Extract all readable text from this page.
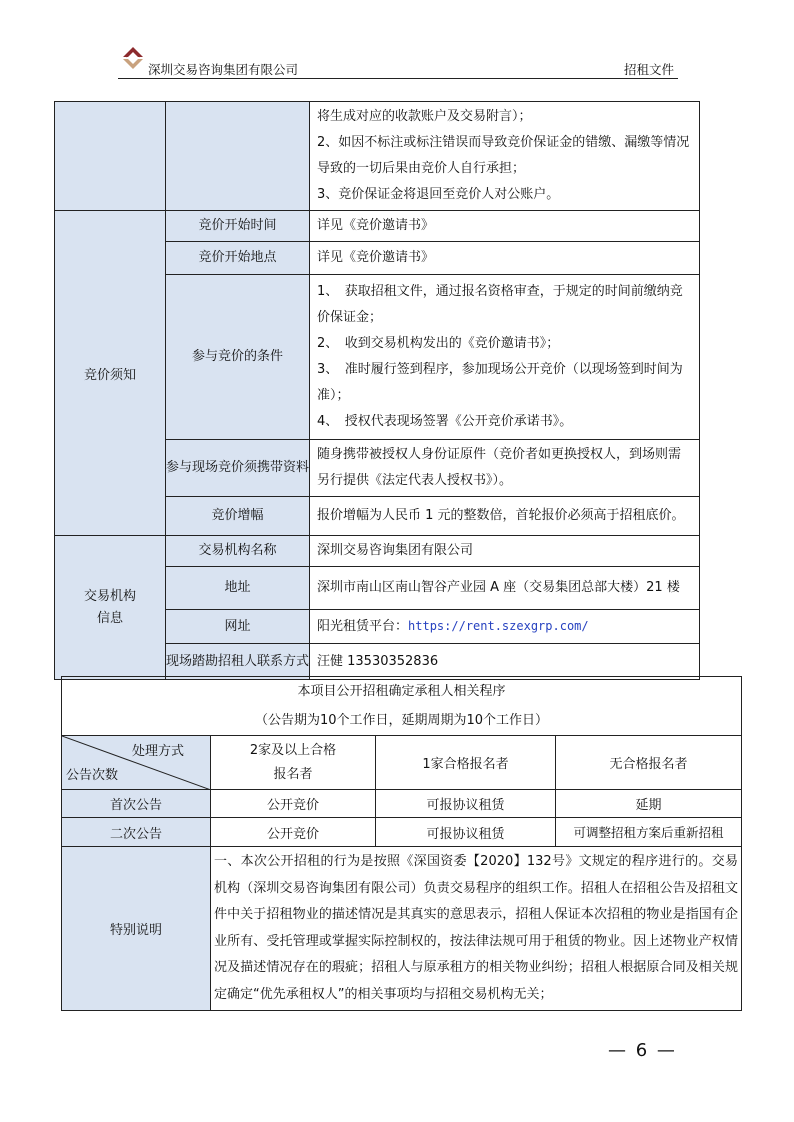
深圳交易咨询集团有限公司	招租文件

		将生成对应的收款账户及交易附言）；
2、如因不标注或标注错误而导致竞价保证金的错缴、漏缴等情况导致的一切后果由竞价人自行承担；
3、竞价保证金将退回至竞价人对公账户。

竞价须知	竞价开始时间	详见《竞价邀请书》
	竞价开始地点	详见《竞价邀请书》
	参与竞价的条件	1、　获取招租文件，通过报名资格审查，于规定的时间前缴纳竞价保证金；
2、　收到交易机构发出的《竞价邀请书》；
3、　准时履行签到程序，参加现场公开竞价（以现场签到时间为准）；
4、　授权代表现场签署《公开竞价承诺书》。

	参与现场竞价须携带资料	随身携带被授权人身份证原件（竞价者如更换授权人，到场则需另行提供《法定代表人授权书》）。
	竞价增幅	报价增幅为人民币 1 元的整数倍，首轮报价必须高于招租底价。
交易机构信息	交易机构名称	深圳交易咨询集团有限公司
	地址	深圳市南山区南山智谷产业园 A 座（交易集团总部大楼）21 楼
	网址	阳光租赁平台：https://rent.szexgrp.com/
	现场踏勘招租人联系方式	汪健 13530352836
本项目公开招租确定承租人相关程序
（公告期为10个工作日，延期周期为10个工作日）			

处理方式
公告次数	2家及以上合格报名者	1家合格报名者	无合格报名者
首次公告	公开竞价	可报协议租赁	延期
二次公告	公开竞价	可报协议租赁	可调整招租方案后重新招租
特别说明	一、本次公开招租的行为是按照《深国资委【2020】132号》文规定的程序进行的。交易机构（深圳交易咨询集团有限公司）负责交易程序的组织工作。招租人在招租公告及招租文件中关于招租物业的描述情况是其真实的意思表示，招租人保证本次招租的物业是指国有企业所有、受托管理或掌握实际控制权的，按法律法规可用于租赁的物业。因上述物业产权情况及描述情况存在的瑕疵；招租人与原承租方的相关物业纠纷；招租人根据原合同及相关规定确定“优先承租权人”的相关事项均与招租交易机构无关；		
— 6 —
